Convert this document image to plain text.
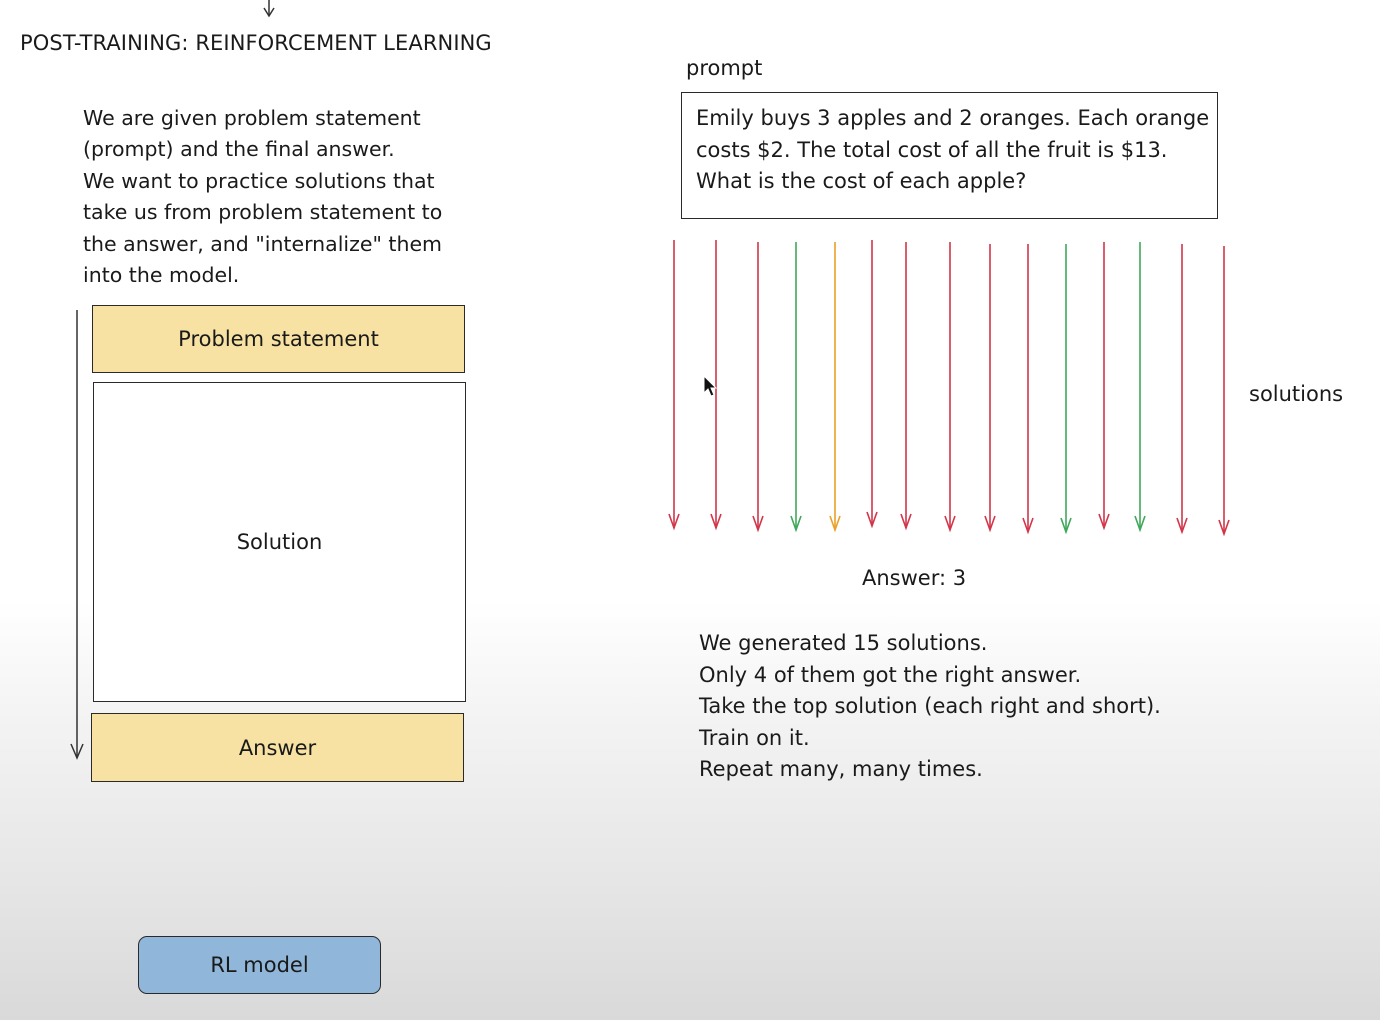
POST-TRAINING: REINFORCEMENT LEARNING
We are given problem statement
(prompt) and the final answer.
We want to practice solutions that
take us from problem statement to
the answer, and "internalize" them
into the model.
Problem statement
Solution
Answer
RL model
prompt
Emily buys 3 apples and 2 oranges. Each orange
costs $2. The total cost of all the fruit is $13.
What is the cost of each apple?
solutions
Answer: 3
We generated 15 solutions.
Only 4 of them got the right answer.
Take the top solution (each right and short).
Train on it.
Repeat many, many times.
